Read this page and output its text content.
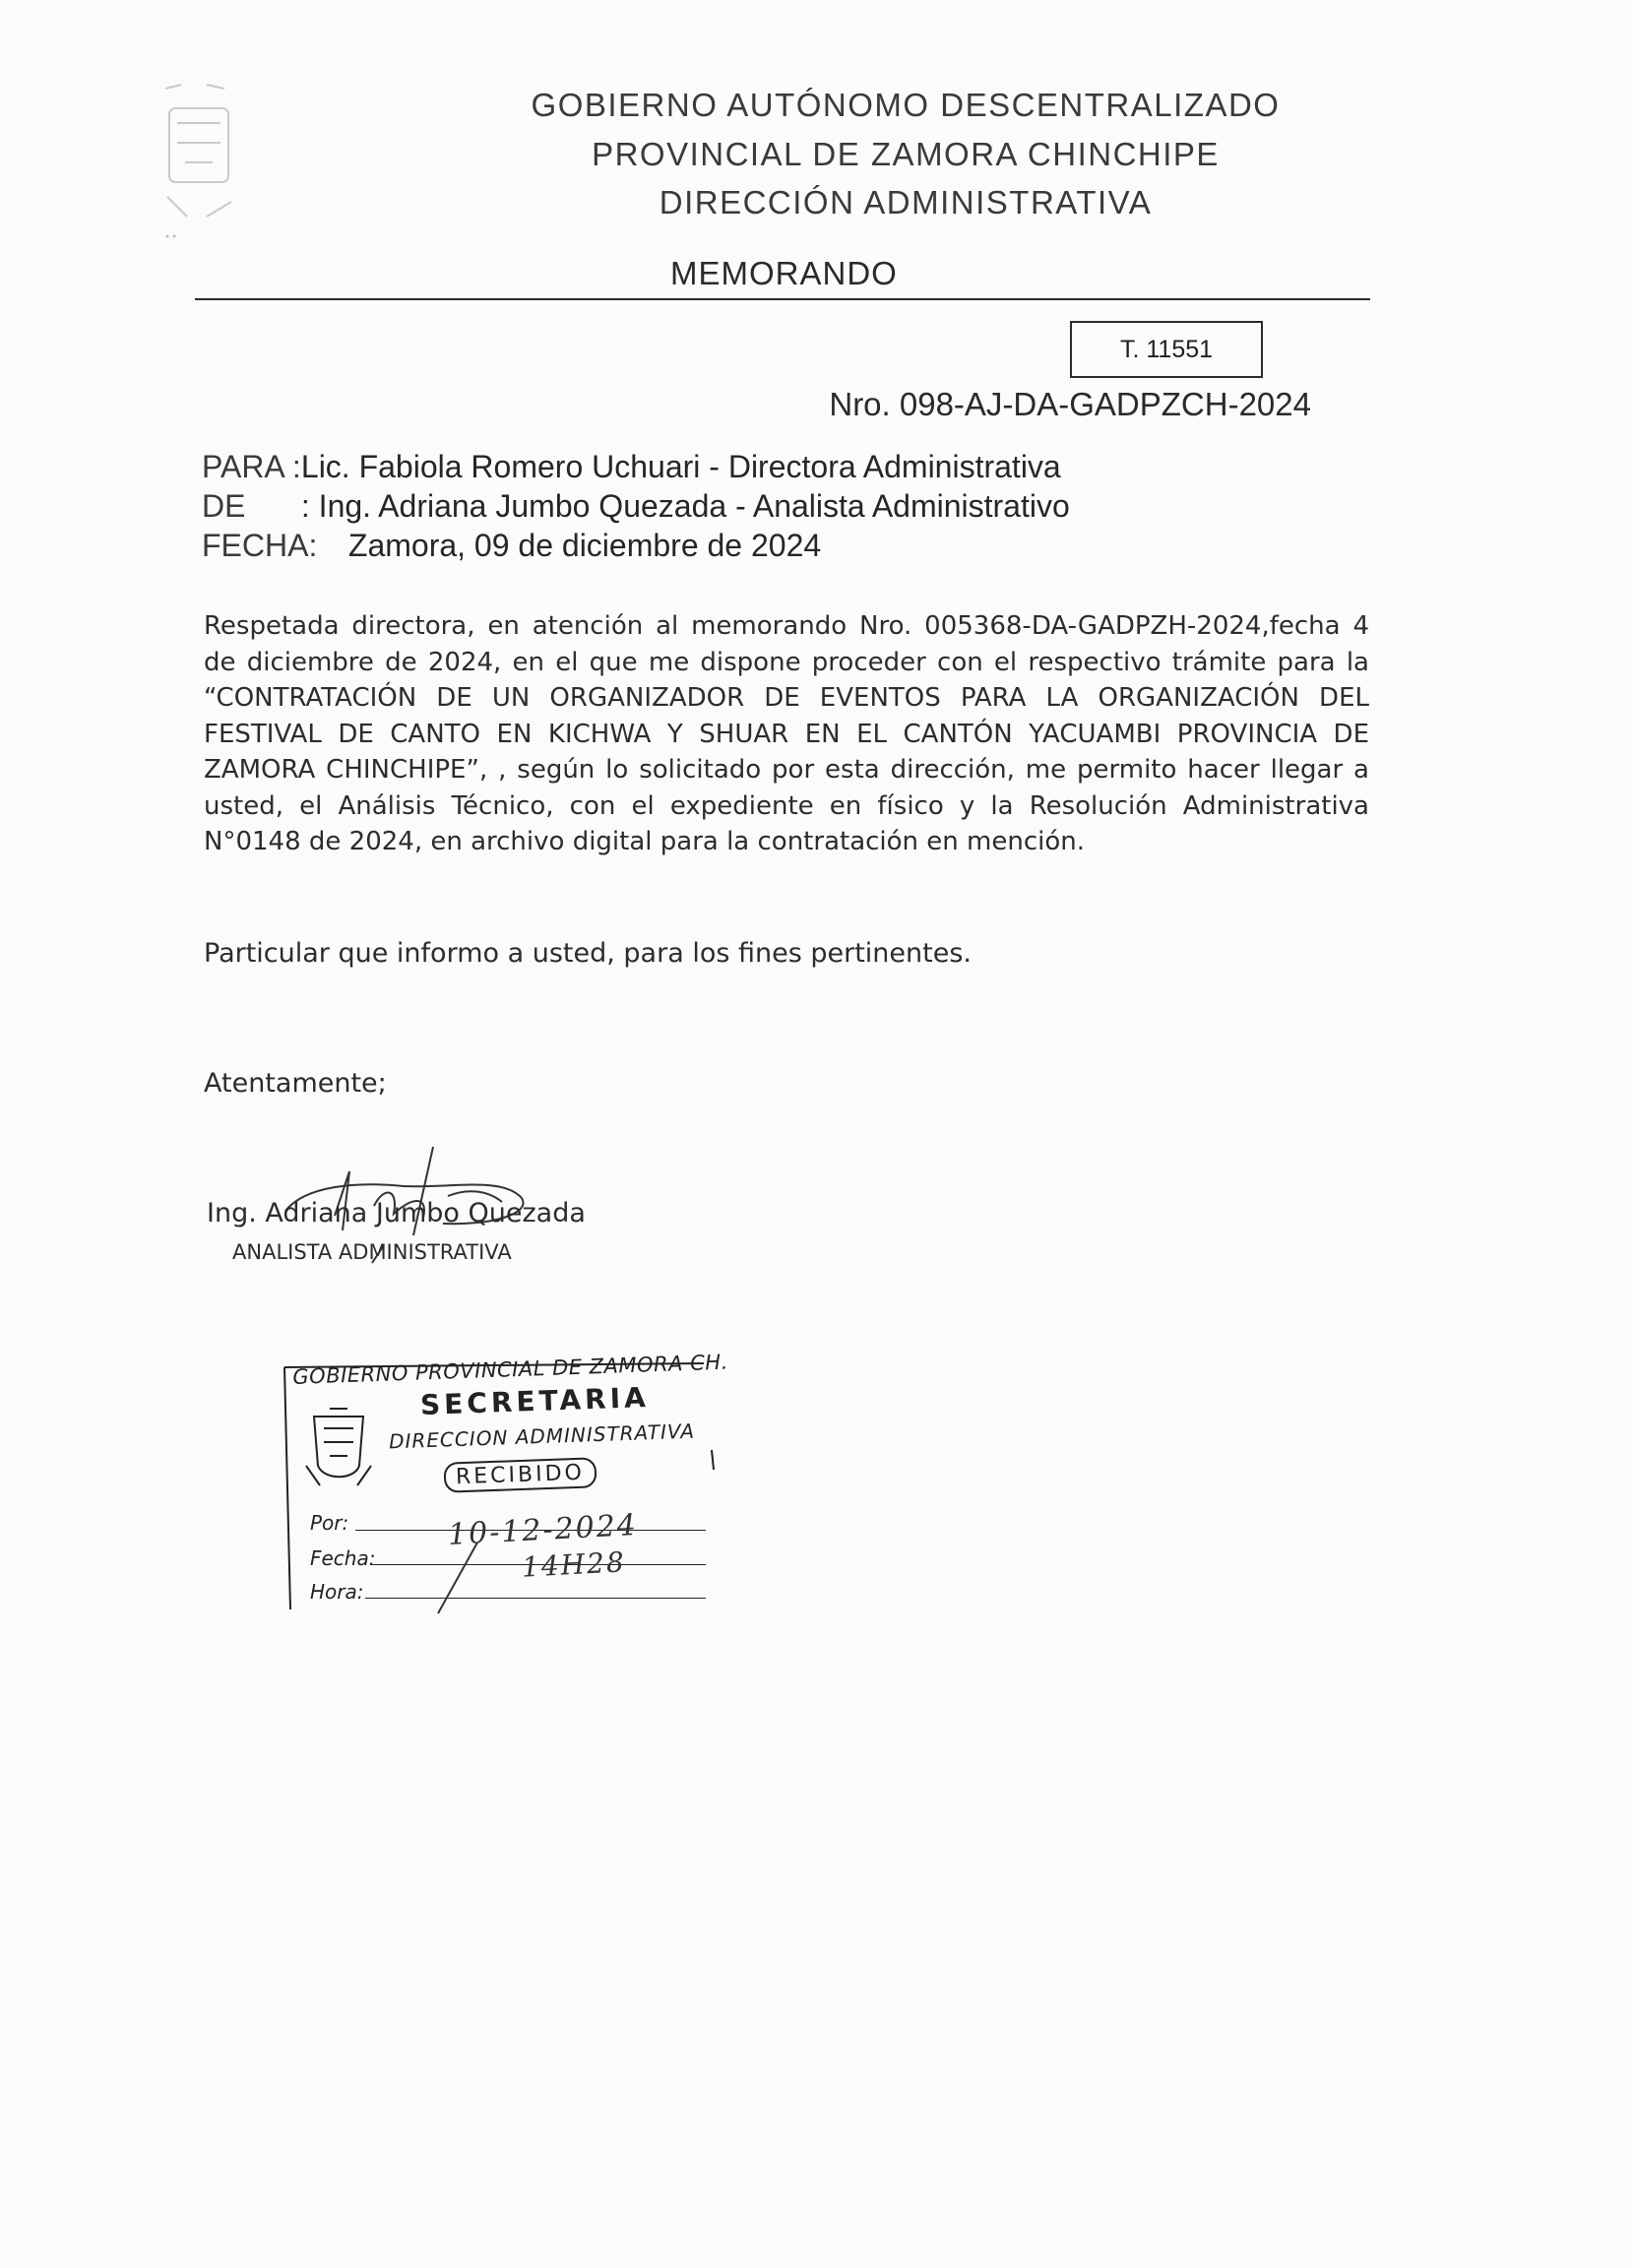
GOBIERNO AUTÓNOMO DESCENTRALIZADO
PROVINCIAL DE ZAMORA CHINCHIPE
DIRECCIÓN ADMINISTRATIVA
MEMORANDO
T. 11551
Nro. 098-AJ-DA-GADPZCH-2024
PARA : Lic. Fabiola Romero Uchuari - Directora Administrativa
DE : Ing. Adriana Jumbo Quezada - Analista Administrativo
FECHA: Zamora, 09 de diciembre de 2024

Respetada directora, en atención al memorando Nro. 005368-DA-GADPZH-2024,fecha 4 de diciembre de 2024, en el que me dispone proceder con el respectivo trámite para la “CONTRATACIÓN DE UN ORGANIZADOR DE EVENTOS PARA LA ORGANIZACIÓN DEL FESTIVAL DE CANTO EN KICHWA Y SHUAR EN EL CANTÓN YACUAMBI PROVINCIA DE ZAMORA CHINCHIPE”, , según lo solicitado por esta dirección, me permito hacer llegar a usted, el Análisis Técnico, con el expediente en físico y la Resolución Administrativa N°0148 de 2024, en archivo digital para la contratación en mención.

Particular que informo a usted, para los fines pertinentes.
Atentamente;
Ing. Adriana Jumbo Quezada
ANALISTA ADMINISTRATIVA
GOBIERNO PROVINCIAL DE ZAMORA CH.
SECRETARIA
DIRECCION ADMINISTRATIVA
RECIBIDO
Por:
Fecha:
Hora:
10-12-2024
14H28
